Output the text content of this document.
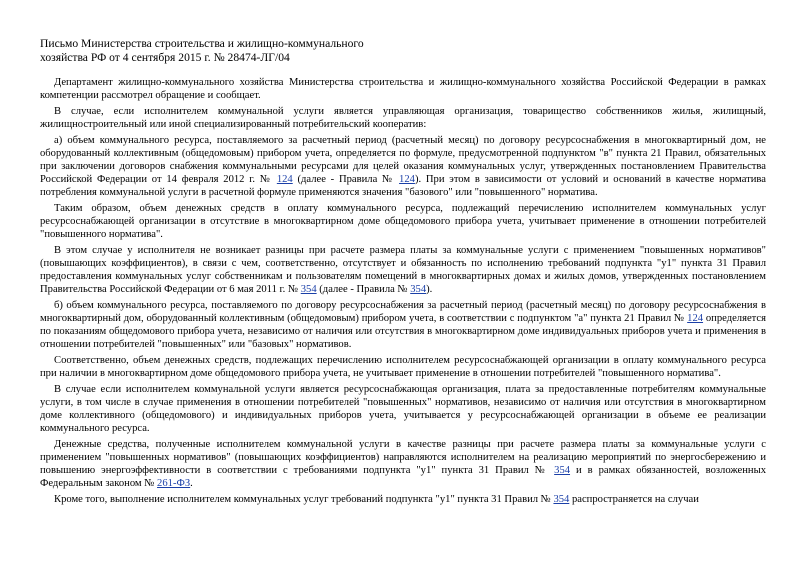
Письмо Министерства строительства и жилищно-коммунального
хозяйства РФ от 4 сентября 2015 г. № 28474-ЛГ/04

Департамент жилищно-коммунального хозяйства Министерства строительства и жилищно-коммунального хозяйства Российской Федерации в рамках компетенции рассмотрел обращение и сообщает.

В случае, если исполнителем коммунальной услуги является управляющая организация, товарищество собственников жилья, жилищный, жилищностроительный или иной специализированный потребительский кооператив:

а) объем коммунального ресурса, поставляемого за расчетный период (расчетный месяц) по договору ресурсоснабжения в многоквартирный дом, не оборудованный коллективным (общедомовым) прибором учета, определяется по формуле, предусмотренной подпунктом "в" пункта 21 Правил, обязательных при заключении договоров снабжения коммунальными ресурсами для целей оказания коммунальных услуг, утвержденных постановлением Правительства Российской Федерации от 14 февраля 2012 г. № 124 (далее - Правила № 124). При этом в зависимости от условий и оснований в качестве норматива потребления коммунальной услуги в расчетной формуле применяются значения "базового" или "повышенного" норматива.

Таким образом, объем денежных средств в оплату коммунального ресурса, подлежащий перечислению исполнителем коммунальных услуг ресурсоснабжающей организации в отсутствие в многоквартирном доме общедомового прибора учета, учитывает применение в отношении потребителей "повышенного норматива".

В этом случае у исполнителя не возникает разницы при расчете размера платы за коммунальные услуги с применением "повышенных нормативов" (повышающих коэффициентов), в связи с чем, соответственно, отсутствует и обязанность по исполнению требований подпункта "у1" пункта 31 Правил предоставления коммунальных услуг собственникам и пользователям помещений в многоквартирных домах и жилых домов, утвержденных постановлением Правительства Российской Федерации от 6 мая 2011 г. № 354 (далее - Правила № 354).

б) объем коммунального ресурса, поставляемого по договору ресурсоснабжения за расчетный период (расчетный месяц) по договору ресурсоснабжения в многоквартирный дом, оборудованный коллективным (общедомовым) прибором учета, в соответствии с подпунктом "а" пункта 21 Правил № 124 определяется по показаниям общедомового прибора учета, независимо от наличия или отсутствия в многоквартирном доме индивидуальных приборов учета и применения в отношении потребителей "повышенных" или "базовых" нормативов.

Соответственно, объем денежных средств, подлежащих перечислению исполнителем ресурсоснабжающей организации в оплату коммунального ресурса при наличии в многоквартирном доме общедомового прибора учета, не учитывает применение в отношении потребителей "повышенного норматива".

В случае если исполнителем коммунальной услуги является ресурсоснабжающая организация, плата за предоставленные потребителям коммунальные услуги, в том числе в случае применения в отношении потребителей "повышенных" нормативов, независимо от наличия или отсутствия в многоквартирном доме коллективного (общедомового) и индивидуальных приборов учета, учитывается у ресурсоснабжающей организации в объеме ее реализации коммунального ресурса.

Денежные средства, полученные исполнителем коммунальной услуги в качестве разницы при расчете размера платы за коммунальные услуги с применением "повышенных нормативов" (повышающих коэффициентов) направляются исполнителем на реализацию мероприятий по энергосбережению и повышению энергоэффективности в соответствии с требованиями подпункта "у1" пункта 31 Правил № 354 и в рамках обязанностей, возложенных Федеральным законом № 261-ФЗ.

Кроме того, выполнение исполнителем коммунальных услуг требований подпункта "у1" пункта 31 Правил № 354 распространяется на случаи
